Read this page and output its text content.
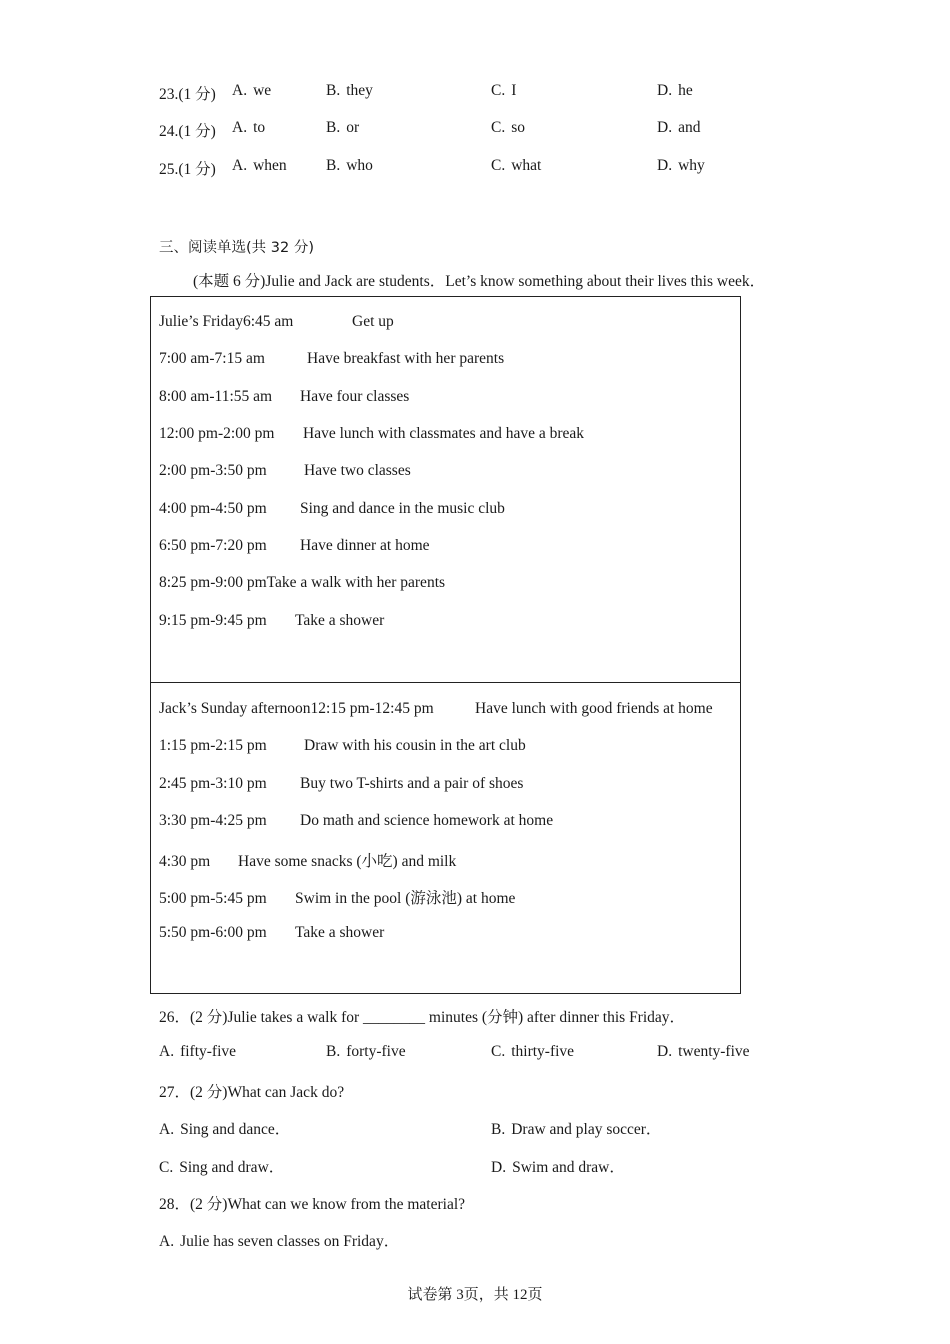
23.(1 分) A. we	B. they	C. I	D. he
24.(1 分) A. to	B. or	C. so	D. and
25.(1 分) A. when	B. who	C. what	D. why
三、阅读单选(共 32 分)
(本题 6 分)Julie and Jack are students．Let’s know something about their lives this week．
Julie’s Friday6:45 am	Get up
7:00 am-7:15 am	Have breakfast with her parents
8:00 am-11:55 am Have four classes
12:00 pm-2:00 pm Have lunch with classmates and have a break
2:00 pm-3:50 pm Have two classes
4:00 pm-4:50 pm Sing and dance in the music club
6:50 pm-7:20 pm Have dinner at home
8:25 pm-9:00 pmTake a walk with her parents
9:15 pm-9:45 pm Take a shower
Jack’s Sunday afternoon12:15 pm-12:45 pm	Have lunch with good friends at home
1:15 pm-2:15 pm Draw with his cousin in the art club
2:45 pm-3:10 pm Buy two T-shirts and a pair of shoes
3:30 pm-4:25 pm Do math and science homework at home
4:30 pm Have some snacks (小吃) and milk
5:00 pm-5:45 pm Swim in the pool (游泳池) at home
5:50 pm-6:00 pm Take a shower
26．(2 分)Julie takes a walk for ________ minutes (分钟) after dinner this Friday．
A. fifty-five	B. forty-five	C. thirty-five	D. twenty-five
27．(2 分)What can Jack do?
A. Sing and dance．	B. Draw and play soccer．
C. Sing and draw．	D. Swim and draw．
28．(2 分)What can we know from the material?
A. Julie has seven classes on Friday．
试卷第 3页，共 12页
